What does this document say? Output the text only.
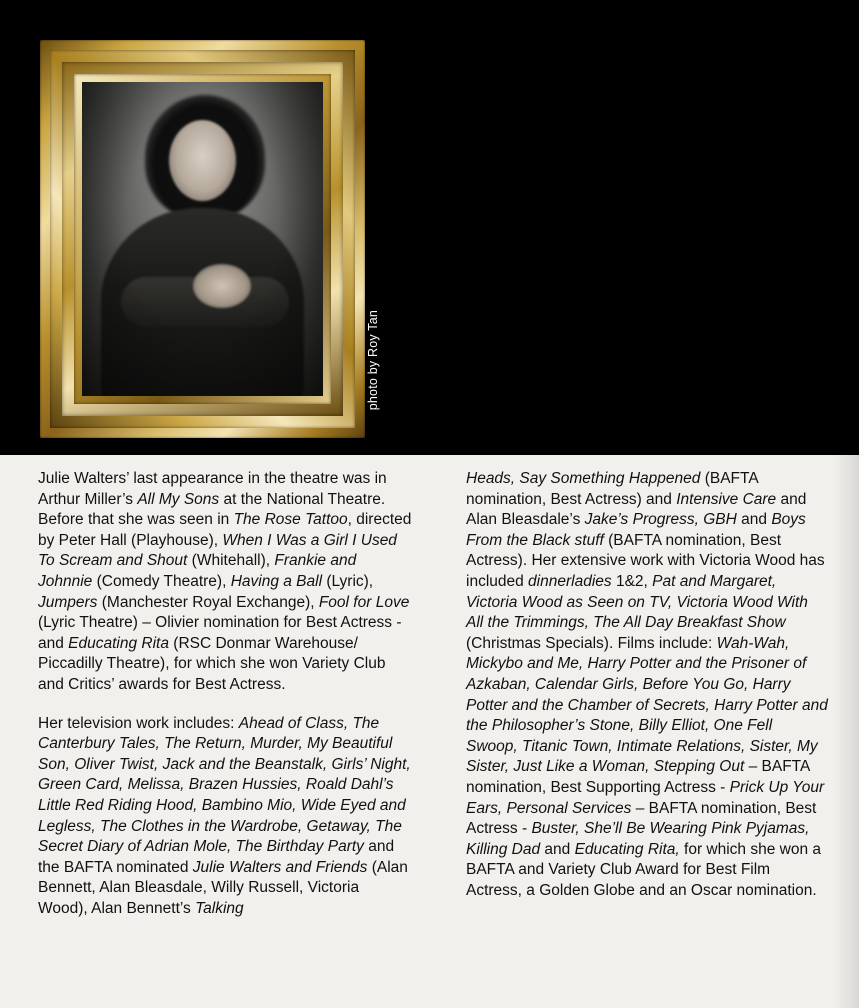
photo by Roy Tan

Julie Walters’ last appearance in the theatre was in Arthur Miller’s All My Sons at the National Theatre. Before that she was seen in The Rose Tattoo, directed by Peter Hall (Playhouse), When I Was a Girl I Used To Scream and Shout (Whitehall), Frankie and Johnnie (Comedy Theatre), Having a Ball (Lyric), Jumpers (Manchester Royal Exchange), Fool for Love (Lyric Theatre) – Olivier nomination for Best Actress - and Educating Rita (RSC Donmar Warehouse/ Piccadilly Theatre), for which she won Variety Club and Critics’ awards for Best Actress.

Her television work includes: Ahead of Class, The Canterbury Tales, The Return, Murder, My Beautiful Son, Oliver Twist, Jack and the Beanstalk, Girls’ Night, Green Card, Melissa, Brazen Hussies, Roald Dahl’s Little Red Riding Hood, Bambino Mio, Wide Eyed and Legless, The Clothes in the Wardrobe, Getaway, The Secret Diary of Adrian Mole, The Birthday Party and the BAFTA nominated Julie Walters and Friends (Alan Bennett, Alan Bleasdale, Willy Russell, Victoria Wood), Alan Bennett’s Talking

Heads, Say Something Happened (BAFTA nomination, Best Actress) and Intensive Care and Alan Bleasdale’s Jake’s Progress, GBH and Boys From the Black stuff (BAFTA nomination, Best Actress). Her extensive work with Victoria Wood has included dinnerladies 1&2, Pat and Margaret, Victoria Wood as Seen on TV, Victoria Wood With All the Trimmings, The All Day Breakfast Show (Christmas Specials). Films include: Wah-Wah, Mickybo and Me, Harry Potter and the Prisoner of Azkaban, Calendar Girls, Before You Go, Harry Potter and the Chamber of Secrets, Harry Potter and the Philosopher’s Stone, Billy Elliot, One Fell Swoop, Titanic Town, Intimate Relations, Sister, My Sister, Just Like a Woman, Stepping Out – BAFTA nomination, Best Supporting Actress - Prick Up Your Ears, Personal Services – BAFTA nomination, Best Actress - Buster, She’ll Be Wearing Pink Pyjamas, Killing Dad and Educating Rita, for which she won a BAFTA and Variety Club Award for Best Film Actress, a Golden Globe and an Oscar nomination.
